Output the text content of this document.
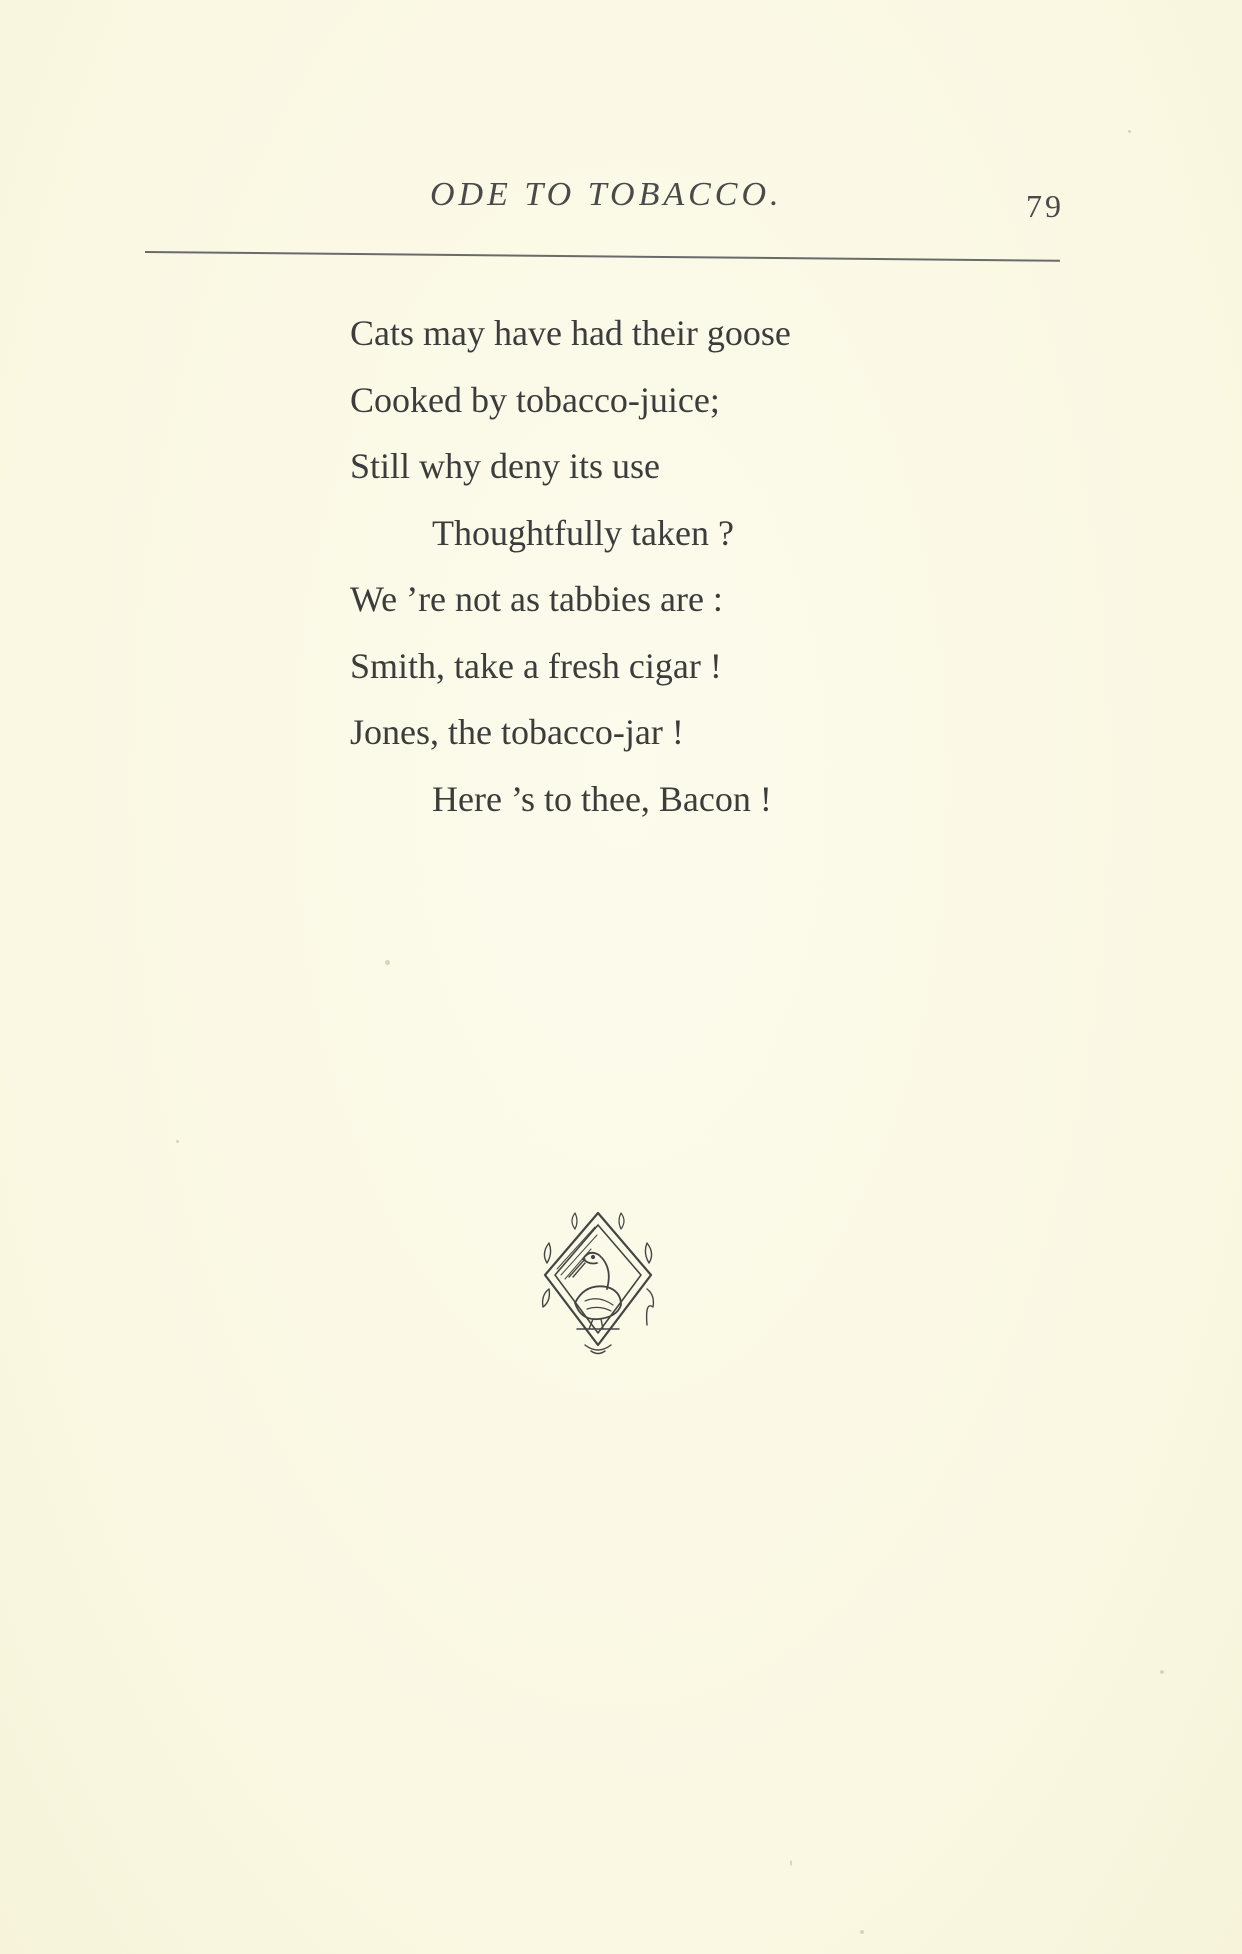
ODE TO TOBACCO.	79
Cats may have had their goose
Cooked by tobacco-juice;
Still why deny its use
Thoughtfully taken ?
We ’re not as tabbies are :
Smith, take a fresh cigar !
Jones, the tobacco-jar !
Here ’s to thee, Bacon !
